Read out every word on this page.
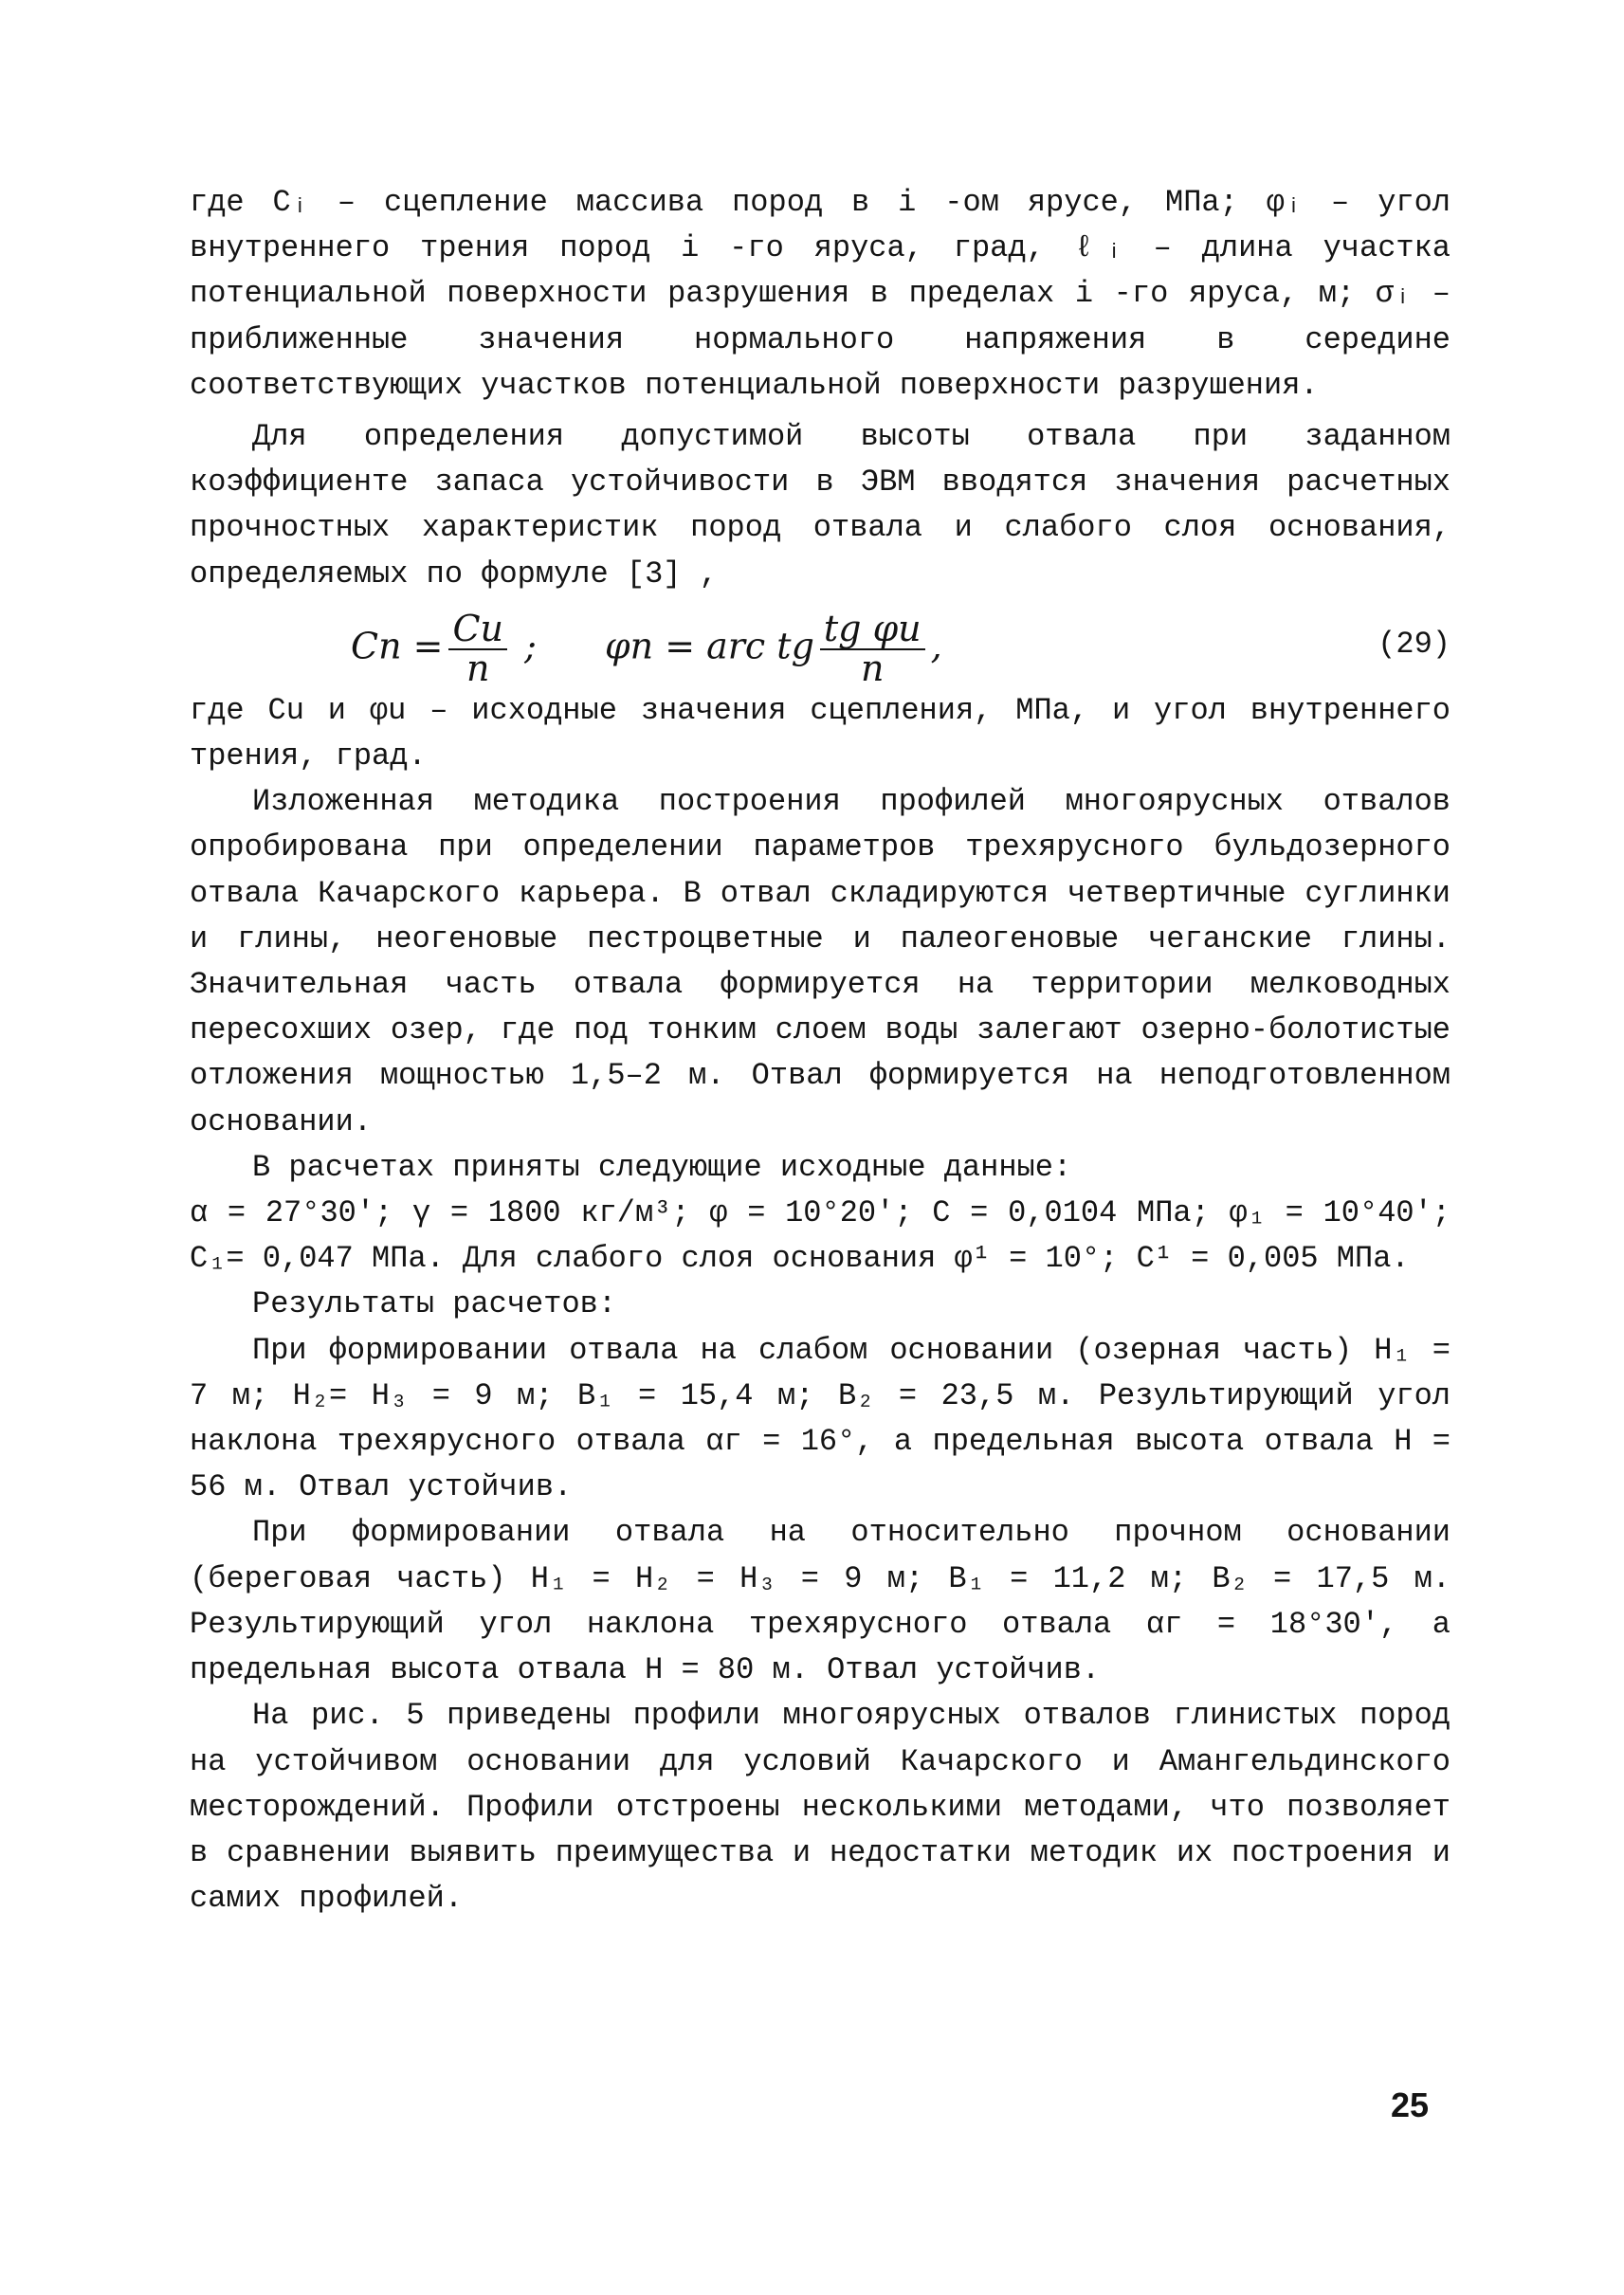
где Cᵢ – сцепление массива пород в i -ом ярусе, МПа; φᵢ – угол внутреннего трения пород i -го яруса, град, ℓᵢ – длина участка потенциальной поверхности разрушения в пределах i -го яруса, м; σᵢ – приближенные значения нормального напряжения в середине соответствующих участков потенциальной поверхности разрушения.

Для определения допустимой высоты отвала при заданном коэффициенте запаса устойчивости в ЭВМ вводятся значения расчетных прочностных характеристик пород отвала и слабого слоя основания, определяемых по формуле [3] ,

$Cn = \frac{Cu}{n}$ ; φn = arc tg $\frac{\text{tg φu}}{n}$ ,	(29)

где Cu и φu – исходные значения сцепления, МПа, и угол внутреннего трения, град.

Изложенная методика построения профилей многоярусных отвалов опробирована при определении параметров трехярусного бульдозерного отвала Качарского карьера. В отвал складируются четвертичные суглинки и глины, неогеновые пестроцветные и палеогеновые чеганские глины. Значительная часть отвала формируется на территории мелководных пересохших озер, где под тонким слоем воды залегают озерно-болотистые отложения мощностью 1,5–2 м. Отвал формируется на неподготовленном основании.

В расчетах приняты следующие исходные данные:

α = 27°30′; γ = 1800 кг/м³; φ = 10°20′; C = 0,0104 МПа; φ₁ = 10°40′; C₁= 0,047 МПа. Для слабого слоя основания φ¹ = 10°; C¹ = 0,005 МПа.

Результаты расчетов:

При формировании отвала на слабом основании (озерная часть) H₁ = 7 м; H₂= H₃ = 9 м; B₁ = 15,4 м; B₂ = 23,5 м. Результирующий угол наклона трехярусного отвала αг = 16°, а предельная высота отвала H = 56 м. Отвал устойчив.

При формировании отвала на относительно прочном основании (береговая часть) H₁ = H₂ = H₃ = 9 м; B₁ = 11,2 м; B₂ = 17,5 м. Результирующий угол наклона трехярусного отвала αг = 18°30′, а предельная высота отвала H = 80 м. Отвал устойчив.

На рис. 5 приведены профили многоярусных отвалов глинистых пород на устойчивом основании для условий Качарского и Амангельдинского месторождений. Профили отстроены несколькими методами, что позволяет в сравнении выявить преимущества и недостатки методик их построения и самих профилей.

25
